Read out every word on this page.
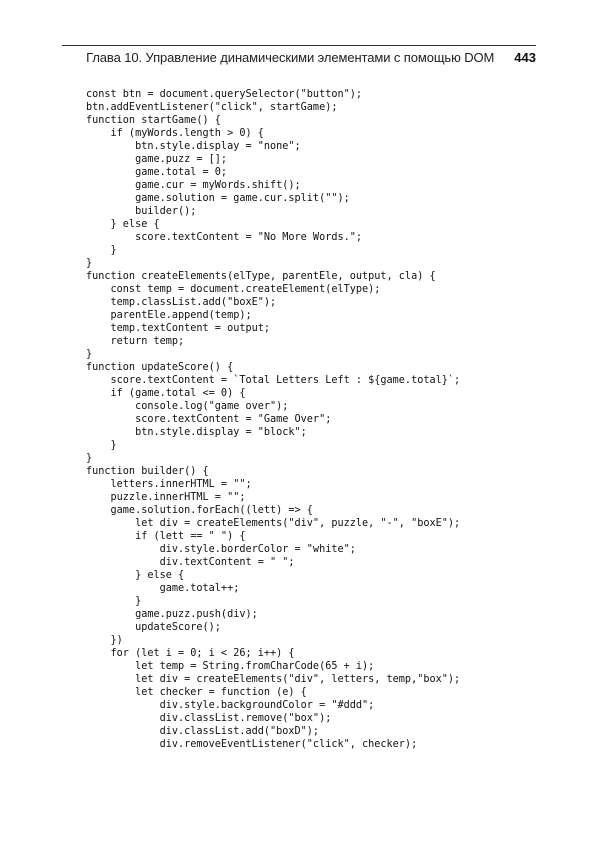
Глава 10. Управление динамическими элементами с помощью DOM 443
const btn = document.querySelector("button");
btn.addEventListener("click", startGame);
function startGame() {
if (myWords.length > 0) {
btn.style.display = "none";
game.puzz = [];
game.total = 0;
game.cur = myWords.shift();
game.solution = game.cur.split("");
builder();
} else {
score.textContent = "No More Words.";
}
}
function createElements(elType, parentEle, output, cla) {
const temp = document.createElement(elType);
temp.classList.add("boxE");
parentEle.append(temp);
temp.textContent = output;
return temp;
}
function updateScore() {
score.textContent = `Total Letters Left : ${game.total}`;
if (game.total <= 0) {
console.log("game over");
score.textContent = "Game Over";
btn.style.display = "block";
}
}
function builder() {
letters.innerHTML = "";
puzzle.innerHTML = "";
game.solution.forEach((lett) => {
let div = createElements("div", puzzle, "-", "boxE");
if (lett == " ") {
div.style.borderColor = "white";
div.textContent = " ";
} else {
game.total++;
}
game.puzz.push(div);
updateScore();
})
for (let i = 0; i < 26; i++) {
let temp = String.fromCharCode(65 + i);
let div = createElements("div", letters, temp,"box");
let checker = function (e) {
div.style.backgroundColor = "#ddd";
div.classList.remove("box");
div.classList.add("boxD");
div.removeEventListener("click", checker);
